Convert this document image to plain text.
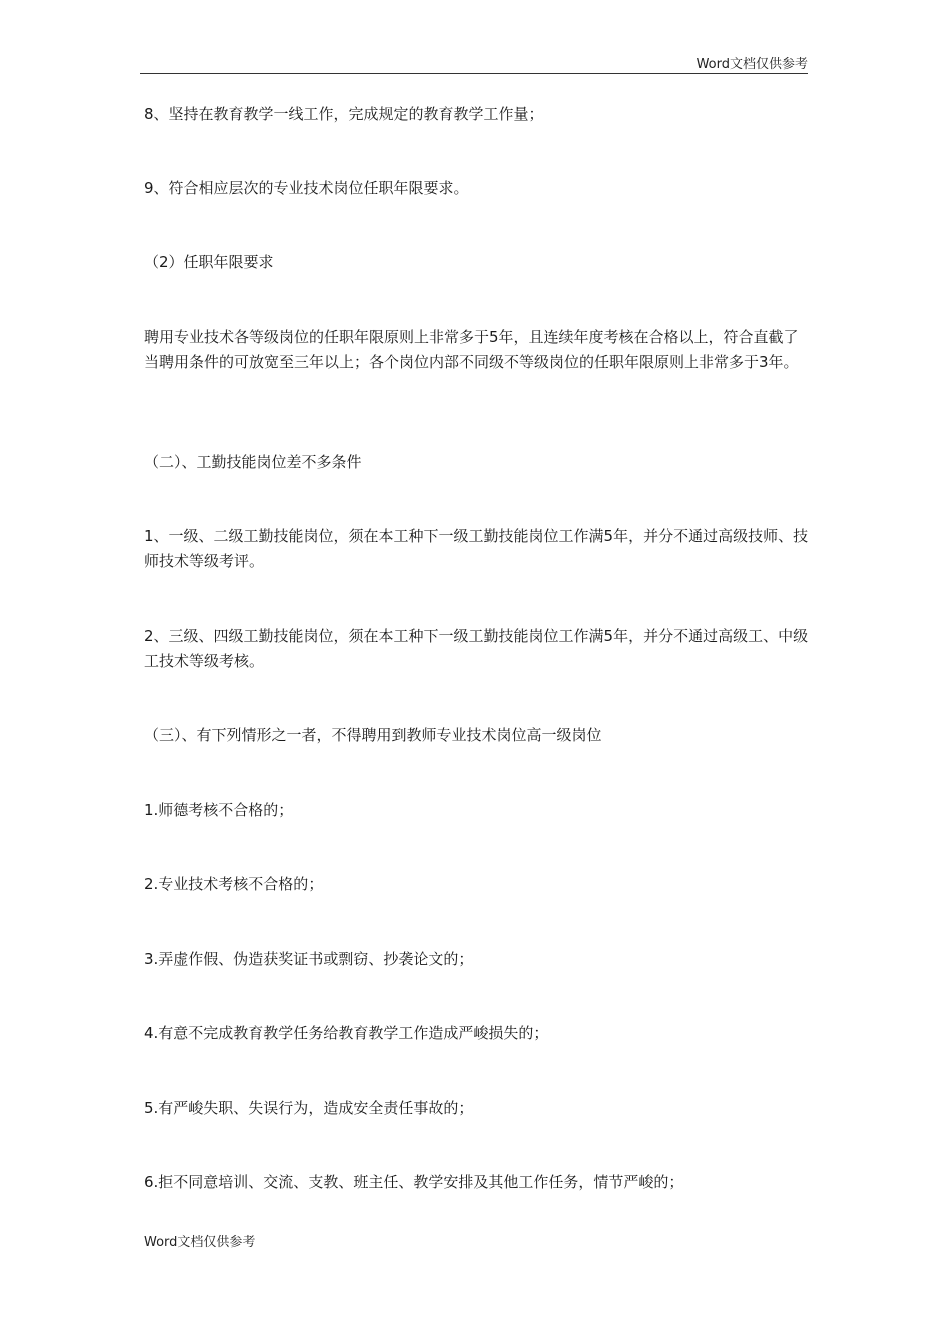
Word文档仅供参考

8、坚持在教育教学一线工作，完成规定的教育教学工作量；

9、符合相应层次的专业技术岗位任职年限要求。

（2）任职年限要求

聘用专业技术各等级岗位的任职年限原则上非常多于5年，且连续年度考核在合格以上，符合直截了当聘用条件的可放宽至三年以上；各个岗位内部不同级不等级岗位的任职年限原则上非常多于3年。

（二）、工勤技能岗位差不多条件

1、一级、二级工勤技能岗位，须在本工种下一级工勤技能岗位工作满5年，并分不通过高级技师、技师技术等级考评。

2、三级、四级工勤技能岗位，须在本工种下一级工勤技能岗位工作满5年，并分不通过高级工、中级工技术等级考核。

（三）、有下列情形之一者，不得聘用到教师专业技术岗位高一级岗位

1.师德考核不合格的；

2.专业技术考核不合格的；

3.弄虚作假、伪造获奖证书或剽窃、抄袭论文的；

4.有意不完成教育教学任务给教育教学工作造成严峻损失的；

5.有严峻失职、失误行为，造成安全责任事故的；

6.拒不同意培训、交流、支教、班主任、教学安排及其他工作任务，情节严峻的；

Word文档仅供参考
